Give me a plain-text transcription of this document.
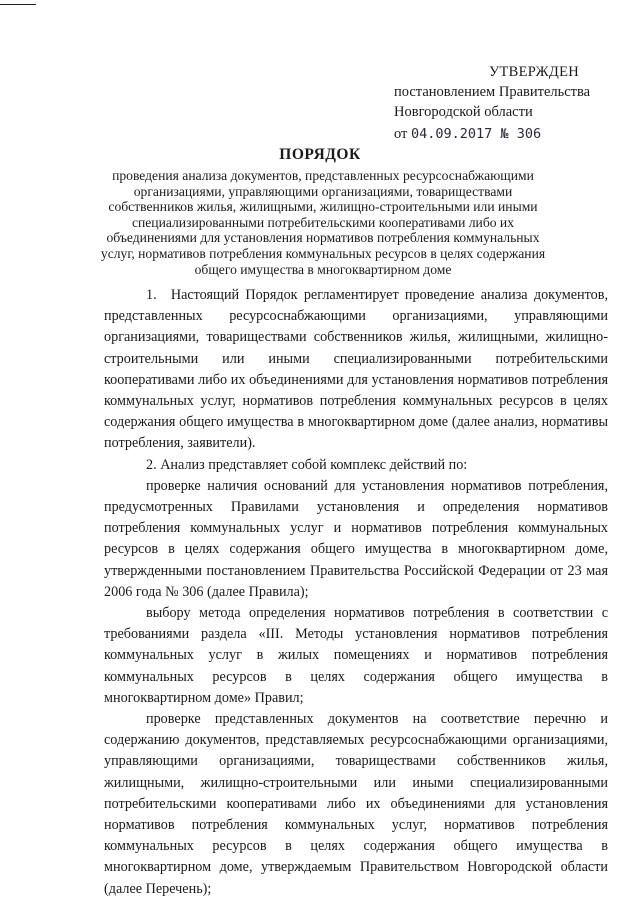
УТВЕРЖДЕН
постановлением Правительства
Новгородской области
от 04.09.2017 № 306
ПОРЯДОК
проведения анализа документов, представленных ресурсоснабжающими организациями, управляющими организациями, товариществами собственников жилья, жилищными, жилищно-строительными или иными специализированными потребительскими кооперативами либо их объединениями для установления нормативов потребления коммунальных услуг, нормативов потребления коммунальных ресурсов в целях содержания общего имущества в многоквартирном доме

1. Настоящий Порядок регламентирует проведение анализа документов, представленных ресурсоснабжающими организациями, управляющими организациями, товариществами собственников жилья, жилищными, жилищно-строительными или иными специализированными потребительскими кооперативами либо их объединениями для установления нормативов потребления коммунальных услуг, нормативов потребления коммунальных ресурсов в целях содержания общего имущества в многоквартирном доме (далее анализ, нормативы потребления, заявители).

2. Анализ представляет собой комплекс действий по:

проверке наличия оснований для установления нормативов потребления, предусмотренных Правилами установления и определения нормативов потребления коммунальных услуг и нормативов потребления коммунальных ресурсов в целях содержания общего имущества в многоквартирном доме, утвержденными постановлением Правительства Российской Федерации от 23 мая 2006 года № 306 (далее Правила);

выбору метода определения нормативов потребления в соответствии с требованиями раздела «III. Методы установления нормативов потребления коммунальных услуг в жилых помещениях и нормативов потребления коммунальных ресурсов в целях содержания общего имущества в многоквартирном доме» Правил;

проверке представленных документов на соответствие перечню и содержанию документов, представляемых ресурсоснабжающими организациями, управляющими организациями, товариществами собственников жилья, жилищными, жилищно-строительными или иными специализированными потребительскими кооперативами либо их объединениями для установления нормативов потребления коммунальных услуг, нормативов потребления коммунальных ресурсов в целях содержания общего имущества в многоквартирном доме, утверждаемым Правительством Новгородской области (далее Перечень);
